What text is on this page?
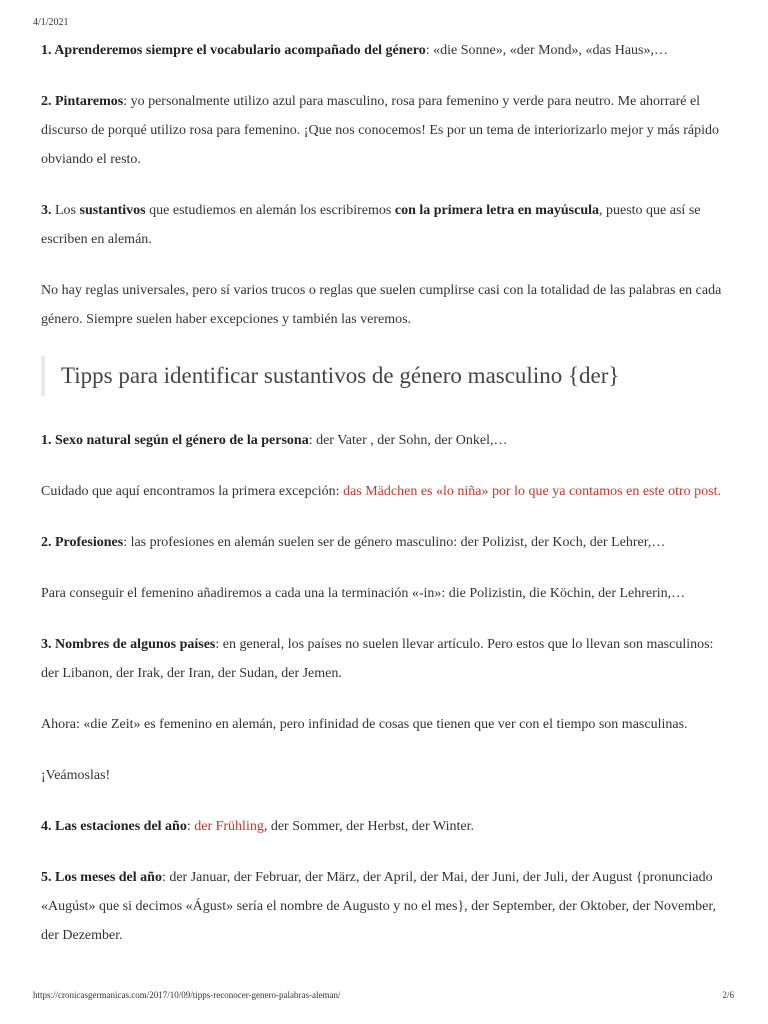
4/1/2021

1. Aprenderemos siempre el vocabulario acompañado del género: «die Sonne», «der Mond», «das Haus»,…

2. Pintaremos: yo personalmente utilizo azul para masculino, rosa para femenino y verde para neutro. Me ahorraré el discurso de porqué utilizo rosa para femenino. ¡Que nos conocemos! Es por un tema de interiorizarlo mejor y más rápido obviando el resto.

3. Los sustantivos que estudiemos en alemán los escribiremos con la primera letra en mayúscula, puesto que así se escriben en alemán.

No hay reglas universales, pero sí varios trucos o reglas que suelen cumplirse casi con la totalidad de las palabras en cada género. Siempre suelen haber excepciones y también las veremos.

Tipps para identificar sustantivos de género masculino {der}

1. Sexo natural según el género de la persona: der Vater , der Sohn, der Onkel,…

Cuidado que aquí encontramos la primera excepción: das Mädchen es «lo niña» por lo que ya contamos en este otro post.

2. Profesiones: las profesiones en alemán suelen ser de género masculino: der Polizist, der Koch, der Lehrer,…

Para conseguir el femenino añadiremos a cada una la terminación «-in»: die Polizistin, die Köchin, der Lehrerin,…

3. Nombres de algunos países: en general, los países no suelen llevar artículo. Pero estos que lo llevan son masculinos: der Libanon, der Irak, der Iran, der Sudan, der Jemen.

Ahora: «die Zeit» es femenino en alemán, pero infinidad de cosas que tienen que ver con el tiempo son masculinas.

¡Veámoslas!

4. Las estaciones del año: der Frühling, der Sommer, der Herbst, der Winter.

5. Los meses del año: der Januar, der Februar, der März, der April, der Mai, der Juni, der Juli, der August {pronunciado «Augúst» que si decimos «Águst» sería el nombre de Augusto y no el mes}, der September, der Oktober, der November, der Dezember.

https://cronicasgermanicas.com/2017/10/09/tipps-reconocer-genero-palabras-aleman/	2/6
